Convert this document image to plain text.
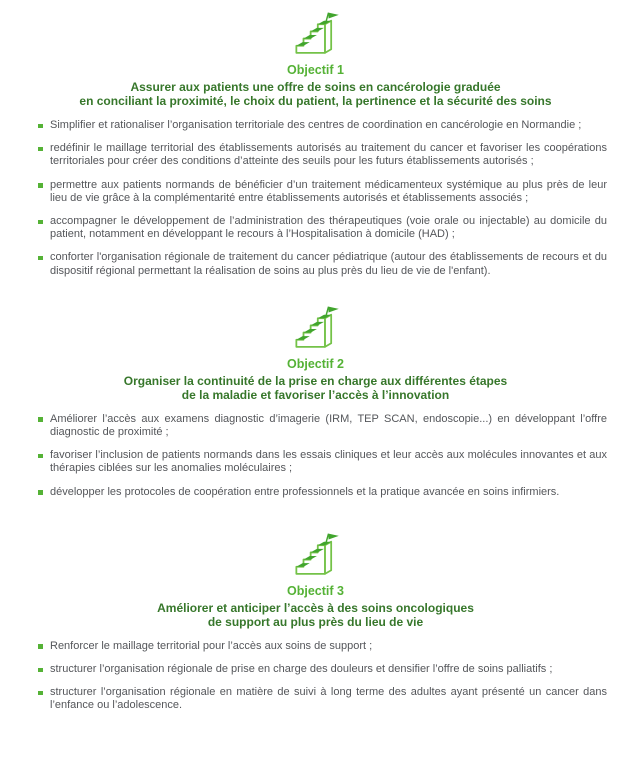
Objectif 1
Assurer aux patients une offre de soins en cancérologie graduée
en conciliant la proximité, le choix du patient, la pertinence et la sécurité des soins
Simplifier et rationaliser l’organisation territoriale des centres de coordination en cancérologie en Normandie ;
redéfinir le maillage territorial des établissements autorisés au traitement du cancer et favoriser les coopérations territoriales pour créer des conditions d’atteinte des seuils pour les futurs établissements autorisés ;
permettre aux patients normands de bénéficier d’un traitement médicamenteux systémique au plus près de leur lieu de vie grâce à la complémentarité entre établissements autorisés et établissements associés ;
accompagner le développement de l’administration des thérapeutiques (voie orale ou injectable) au domicile du patient, notamment en développant le recours à l’Hospitalisation à domicile (HAD) ;
conforter l'organisation régionale de traitement du cancer pédiatrique (autour des établissements de recours et du dispositif régional permettant la réalisation de soins au plus près du lieu de vie de l'enfant).
Objectif 2
Organiser la continuité de la prise en charge aux différentes étapes
de la maladie et favoriser l’accès à l’innovation
Améliorer l’accès aux examens diagnostic d’imagerie (IRM, TEP SCAN, endoscopie...) en développant l’offre diagnostic de proximité ;
favoriser l’inclusion de patients normands dans les essais cliniques et leur accès aux molécules innovantes et aux thérapies ciblées sur les anomalies moléculaires ;
développer les protocoles de coopération entre professionnels et la pratique avancée en soins infirmiers.
Objectif 3
Améliorer et anticiper l’accès à des soins oncologiques
de support au plus près du lieu de vie
Renforcer le maillage territorial pour l’accès aux soins de support ;
structurer l’organisation régionale de prise en charge des douleurs et densifier l’offre de soins palliatifs ;
structurer l’organisation régionale en matière de suivi à long terme des adultes ayant présenté un cancer dans l’enfance ou l’adolescence.
